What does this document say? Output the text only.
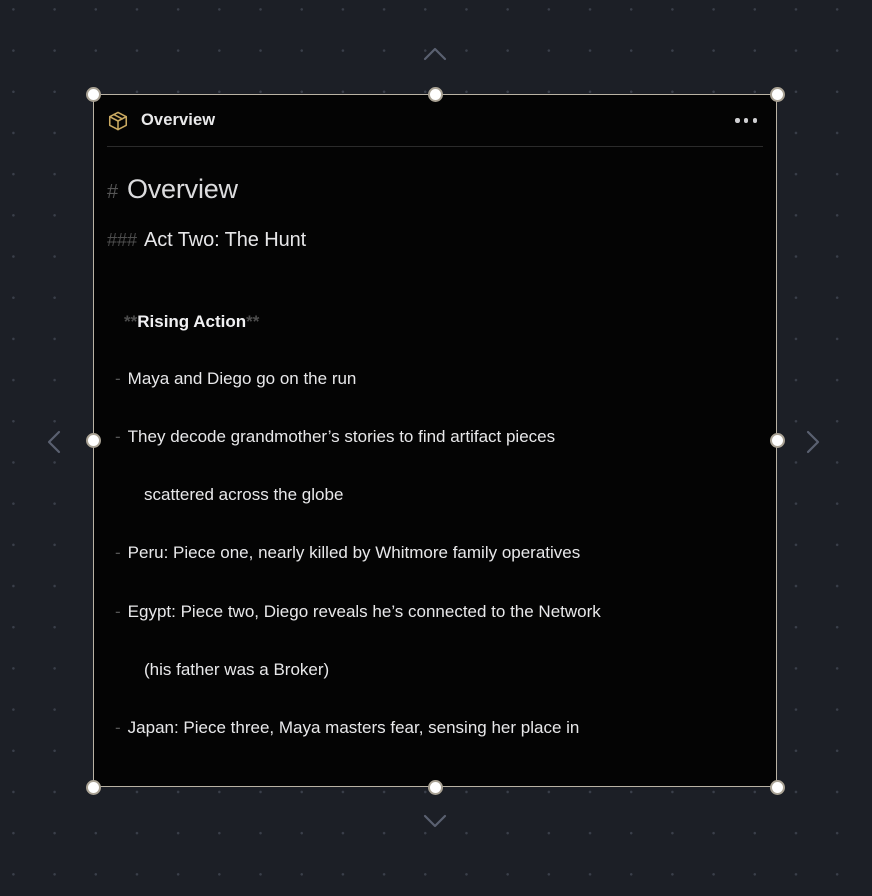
Overview
# Overview
### Act Two: The Hunt
**Rising Action**
- Maya and Diego go on the run
- They decode grandmother’s stories to find artifact pieces
scattered across the globe
- Peru: Piece one, nearly killed by Whitmore family operatives
- Egypt: Piece two, Diego reveals he’s connected to the Network
(his father was a Broker)
- Japan: Piece three, Maya masters fear, sensing her place in
